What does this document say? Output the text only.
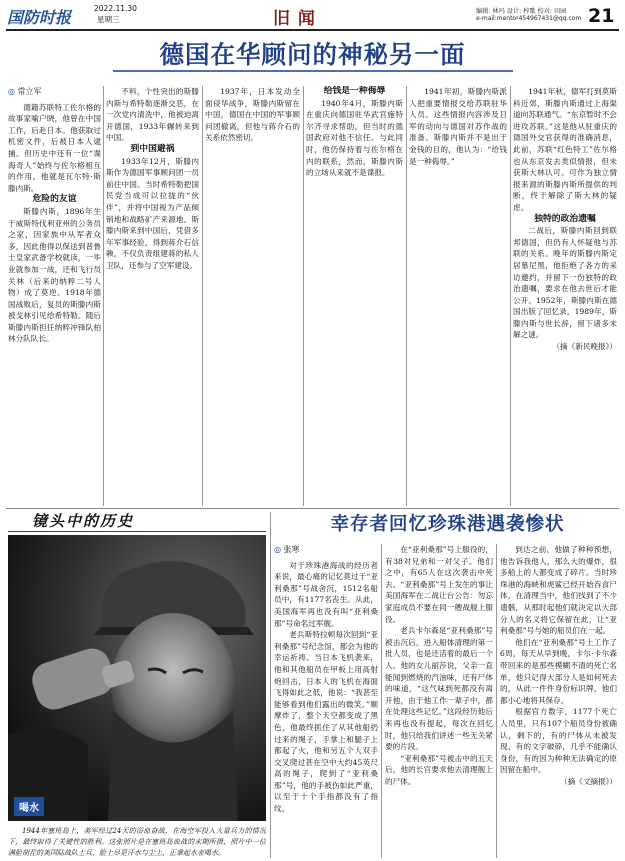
国防时报	2022.11.30
星期三	旧 闻	编辑: 林玛 设计: 梓歌 校对: 田园
e-mail:mentor454967431@qq.com 21
德国在华顾问的神秘另一面
◎ 常立军

德籍苏联特工佐尔格的故事家喻户晓，他曾在中国工作，后赴日本。他获取过机密文件，后被日本人逮捕。但历史中还有一位“谍海奇人”始终与佐尔格相互的作用，他就是瓦尔特·斯滕内斯。

危险的友谊

斯滕内斯，1896年生于威斯特伐利亚州的公务员之家，因家族中从军者众多，因此他得以保送到普鲁士皇家武备学校就读，一毕业就参加一战，还和飞行员关林（后来的纳粹二号人物）成了莫逆。1918年德国战败后，复员的斯滕内斯被戈林引见给希特勒。随后斯滕内斯担任纳粹冲锋队柏林分队队长。

不料，个性突出的斯滕内斯与希特勒逐渐交恶，在一次党内清洗中，他被迫离开德国，1933年辗转来到中国。

到中国避祸

1933年12月，斯滕内斯作为德国军事顾问团一员前往中国。当时希特勒把国民党当成可以拉拢的“伙伴”，并将中国视为产品倾销地和战略矿产来源地。斯滕内斯来到中国后，凭借多年军事经验，得到蒋介石信赖，不仅负责组建蒋的私人卫队，还参与了空军建设。

1937年，日本发动全面侵华战争，斯滕内斯留在中国，德国在中国的军事顾问团撤离，但他与蒋介石的关系依然密切。

给钱是一种侮辱

1940年4月，斯滕内斯在重庆向德国驻华武官施特尔齐寻求帮助，但当时的德国政府对他不信任。与此同时，他仍保持着与佐尔格在内的联系，然而，斯滕内斯的立场从来就不是谍报。

1941年初，斯滕内斯派人把重要情报交给苏联驻华人员。这些情报内容涉及日军的动向与德国对苏作战的准备。斯滕内斯并不是出于金钱的目的，他认为：“给钱是一种侮辱。”

1941年秋，德军打到莫斯科近郊，斯滕内斯通过上海渠道向苏联通气。“东京暂时不会进攻苏联。”这是他从驻重庆的德国外交官获得的准确消息，此前，苏联“红色特工”佐尔格也从东京发去类似情报，但未获斯大林认可。可作为独立情报来源的斯滕内斯所提供的判断，终于解除了斯大林的疑虑。

独特的政治遗嘱

二战后，斯滕内斯回到联邦德国，但仍有人怀疑他与苏联的关系。晚年的斯滕内斯定居慕尼黑，他拒绝了各方的采访邀约，并留下一份独特的政治遗嘱，要求在他去世后才能公开。1952年，斯滕内斯在德国出版了回忆录，1989年，斯滕内斯与世长辞，留下诸多未解之谜。

（摘《新民晚报》）
镜头中的历史
喝水
1944年塞班岛上，美军经过24天的浴血奋战，在海空军投入大量兵力的情况下，最终取得了关键性的胜利。这张照片是在塞班岛血战的末期所摄，照片中一位满脸胡茬的美国陆战队士兵，脸上尽是汗水与尘土，正拿起水壶喝水。
幸存者回忆珍珠港遇袭惨状
◎ 张寒

对于珍珠港海战的经历者来说，最心痛的记忆莫过于“亚利桑那”号战舍沉，1512名船员中，有1177名丧生。从此，美国海军再也没有叫“亚利桑那”号命名过军舰。

老兵斯特拉顿每次回到“亚利桑那”号纪念馆，都会为他的幸运祈祷。当日本飞机袭来，他和其他船员在甲板上用高射炮回击，日本人的飞机在海面飞得如此之低，他说：“我甚至能够看到他们露出的微笑。”顺摩炸了，整个天空都变成了黑色，他最终抓住了从其他船扔过来的绳子，手掌上和腿子上都起了火，他和另五个人双手交叉爬过甚在空中大约45英尺高的绳子，爬到了“亚利桑那”号，他的手被伤如此严重，以至于十个手指都没有了指纹。

在“亚利桑那”号上服役的，有38对兄弟和一对父子。他们之中，有65人在这次袭击中死去。“亚利桑那”号上发生的事让美国海军在二战让台公告：勿忘家庭成员不要在同一艘战舰上服役。

老兵卡尔森是“亚利桑那”号被击沉后，进入船体清理的第一批人员，也是还活着的最后一个人。他的女儿丽莎说，父亲一直能闻到燃烧的汽油味，还有尸体的味道，“这气味到死都没有离开他，由于他工作一辈子中，都在处理这些记忆。”这段经历他后来再也没有提起，每次在回忆时，他只给我们讲述一些无关紧要的片段。

“亚利桑那”号被击中的五天后，他的长官要求他去清理舰上的尸体。

到达之前，他做了种种预想，他告诉我他人，那么大的爆炸，很多船上的人都变成了碎片。当时珍珠港的海峡和虎鲨已经开始吞食尸体，在清理当中，他们找到了不少遗骸，从那时起他们就决定以大部分人的名义将它保留在此，让“亚利桑那”号与她的船员们在一起。

他们在“亚利桑那”号上工作了6周，每天从早到晚，卡尔·卡尔森带回来的是那些模糊不清的死亡名单，他只记得大部分人是如何死去的，从此一件件身份标识牌，他们都小心地将其保存。

根据官方数字，1177个死亡人员里，只有107个船员身份被确认，剩下的，有的尸体从未被发现，有的文字破碎，几乎不能确认身份，有的因为种种无法确定的原因留在船中。

（摘《文摘报》）
